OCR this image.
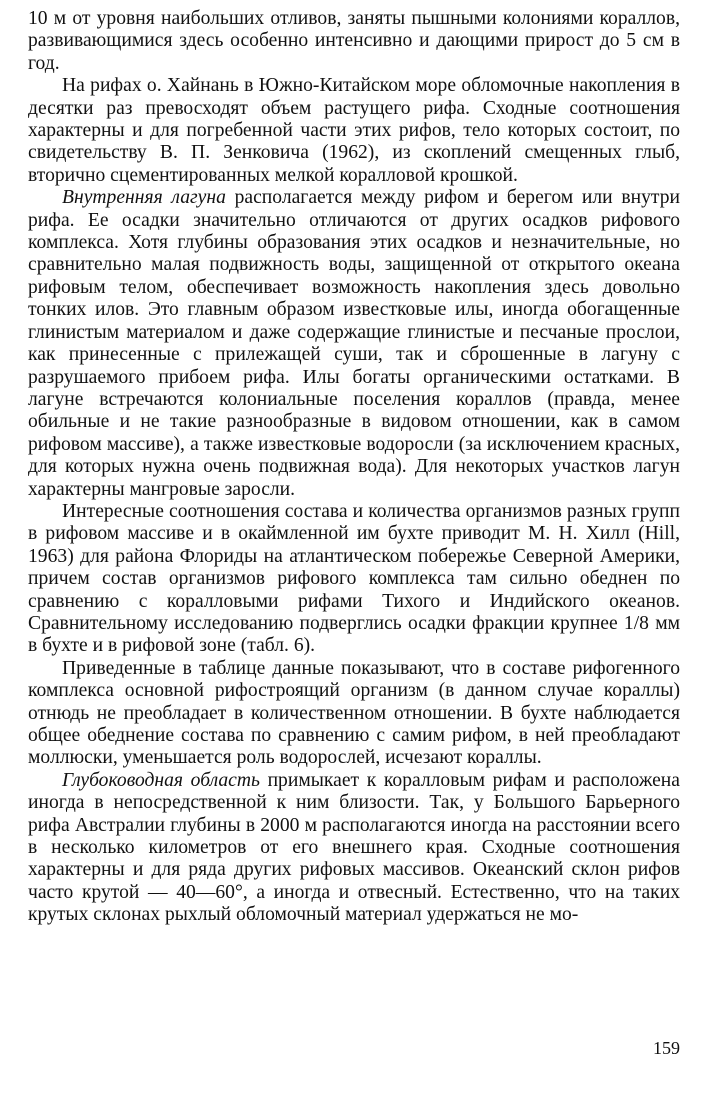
10 м от уровня наибольших отливов, заняты пышными колониями кораллов, развивающимися здесь особенно интенсивно и дающими прирост до 5 см в год.

На рифах о. Хайнань в Южно-Китайском море обломочные накопления в десятки раз превосходят объем растущего рифа. Сходные соотношения характерны и для погребенной части этих рифов, тело которых состоит, по свидетельству В. П. Зенковича (1962), из скоплений смещенных глыб, вторично сцементированных мелкой коралловой крошкой.

Внутренняя лагуна располагается между рифом и берегом или внутри рифа. Ее осадки значительно отличаются от других осадков рифового комплекса. Хотя глубины образования этих осадков и незначительные, но сравнительно малая подвижность воды, защищенной от открытого океана рифовым телом, обеспечивает возможность накопления здесь довольно тонких илов. Это главным образом известковые илы, иногда обогащенные глинистым материалом и даже содержащие глинистые и песчаные прослои, как принесенные с прилежащей суши, так и сброшенные в лагуну с разрушаемого прибоем рифа. Илы богаты органическими остатками. В лагуне встречаются колониальные поселения кораллов (правда, менее обильные и не такие разнообразные в видовом отношении, как в самом рифовом массиве), а также известковые водоросли (за исключением красных, для которых нужна очень подвижная вода). Для некоторых участков лагун характерны мангровые заросли.

Интересные соотношения состава и количества организмов разных групп в рифовом массиве и в окаймленной им бухте приводит М. Н. Хилл (Hill, 1963) для района Флориды на атлантическом побережье Северной Америки, причем состав организмов рифового комплекса там сильно обеднен по сравнению с коралловыми рифами Тихого и Индийского океанов. Сравнительному исследованию подверглись осадки фракции крупнее 1/8 мм в бухте и в рифовой зоне (табл. 6).

Приведенные в таблице данные показывают, что в составе рифогенного комплекса основной рифостроящий организм (в данном случае кораллы) отнюдь не преобладает в количественном отношении. В бухте наблюдается общее обеднение состава по сравнению с самим рифом, в ней преобладают моллюски, уменьшается роль водорослей, исчезают кораллы.

Глубоководная область примыкает к коралловым рифам и расположена иногда в непосредственной к ним близости. Так, у Большого Барьерного рифа Австралии глубины в 2000 м располагаются иногда на расстоянии всего в несколько километров от его внешнего края. Сходные соотношения характерны и для ряда других рифовых массивов. Океанский склон рифов часто крутой — 40—60°, а иногда и отвесный. Естественно, что на таких крутых склонах рыхлый обломочный материал удержаться не мо-

159
